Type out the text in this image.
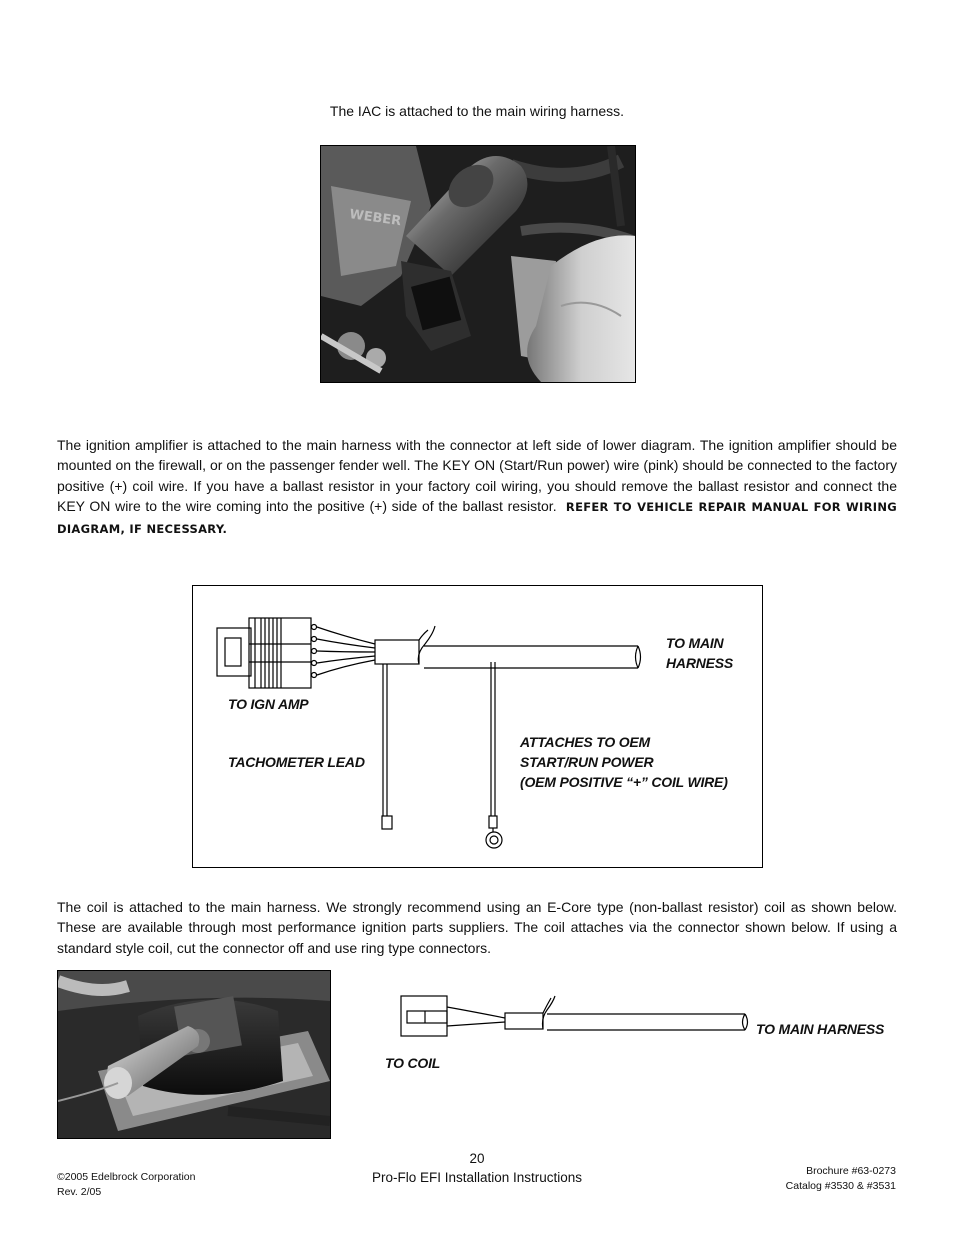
The IAC is attached to the main wiring harness.
WEBER
The ignition amplifier is attached to the main harness with the connector at left side of lower diagram. The ignition amplifier should be mounted on the firewall, or on the passenger fender well. The KEY ON (Start/Run power) wire (pink) should be connected to the factory positive (+) coil wire. If you have a ballast resistor in your factory coil wiring, you should remove the ballast resistor and connect the KEY ON wire to the wire coming into the positive (+) side of the ballast resistor. REFER TO VEHICLE REPAIR MANUAL FOR WIRING DIAGRAM, IF NECESSARY.
TO MAIN
HARNESS
TO IGN AMP
TACHOMETER LEAD
ATTACHES TO OEM
START/RUN POWER
(OEM POSITIVE “+” COIL WIRE)
The coil is attached to the main harness. We strongly recommend using an E-Core type (non-ballast resistor) coil as shown below. These are available through most performance ignition parts suppliers. The coil attaches via the connector shown below. If using a standard style coil, cut the connector off and use ring type connectors.
TO MAIN HARNESS
TO COIL
20
Pro-Flo EFI Installation Instructions
©2005 Edelbrock Corporation
Rev. 2/05
Brochure #63-0273
Catalog #3530 & #3531
